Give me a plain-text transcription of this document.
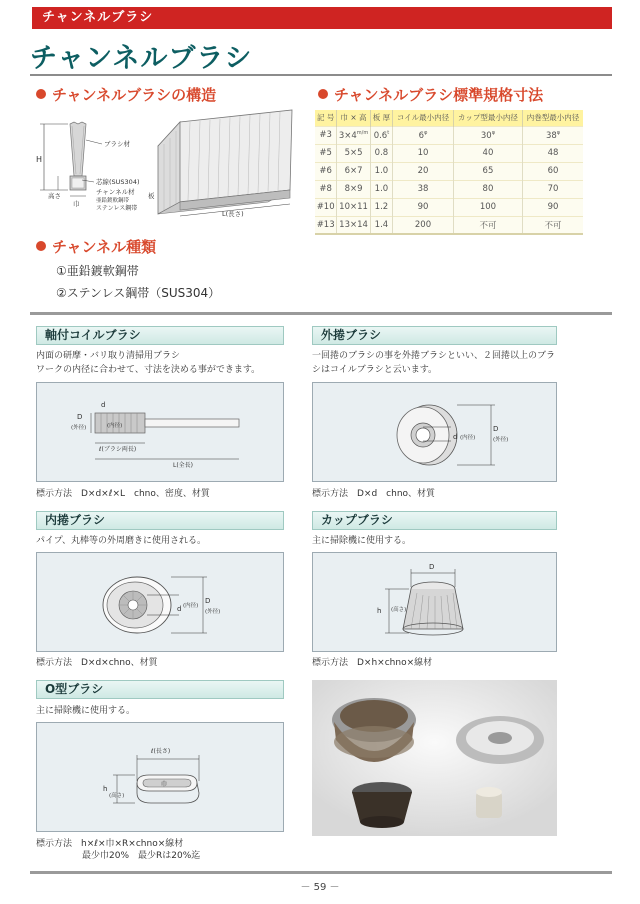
チャンネルブラシ
チャンネルブラシ
チャンネルブラシの構造
H
高さ
巾
ブラシ材
芯線(SUS304)
チャンネル材
亜鉛鍍軟鋼帯
ステンレス鋼帯
板
L(長さ)
チャンネルブラシ標準規格寸法
記 号	巾 × 高	板 厚	コイル最小内径	カップ型最小内径	内巻型最小内径
#3	$3\times 4^{m/m}$	0.6$^t$	$6^\varphi$	$30^\varphi$	$38^\varphi$
#5	5×5	0.8	10	40	48
#6	6×7	1.0	20	65	60
#8	8×9	1.0	38	80	70
#10	10×11	1.2	90	100	90
#13	13×14	1.4	200	不可	不可
チャンネル種類
①亜鉛鍍軟鋼帯
②ステンレス鋼帯（SUS304）
軸付コイルブラシ
内面の研摩・バリ取り清掃用ブラシ
ワークの内径に合わせて、寸法を決める事ができます。
D
(外径)
d
(内径)
ℓ(ブラシ両長)
L(全長)
標示方法　D×d×ℓ×L　chno、密度、材質
外捲ブラシ
一回捲のブラシの事を外捲ブラシといい、２回捲以上のブラ
シはコイルブラシと云います。
d (内径)
D
(外径)
標示方法　D×d　chno、材質
内捲ブラシ
パイプ、丸棒等の外周磨きに使用される。
d (内径)
D
(外径)
標示方法　D×d×chno、材質
カップブラシ
主に掃除機に使用する。
D
h (高さ)
標示方法　D×h×chno×線材
O型ブラシ
主に掃除機に使用する。
ℓ(長さ)
h
(高さ)
巾
標示方法　h×ℓ×巾×R×chno×線材
最少巾20%　最少Rは20%迄
－ 59 －
